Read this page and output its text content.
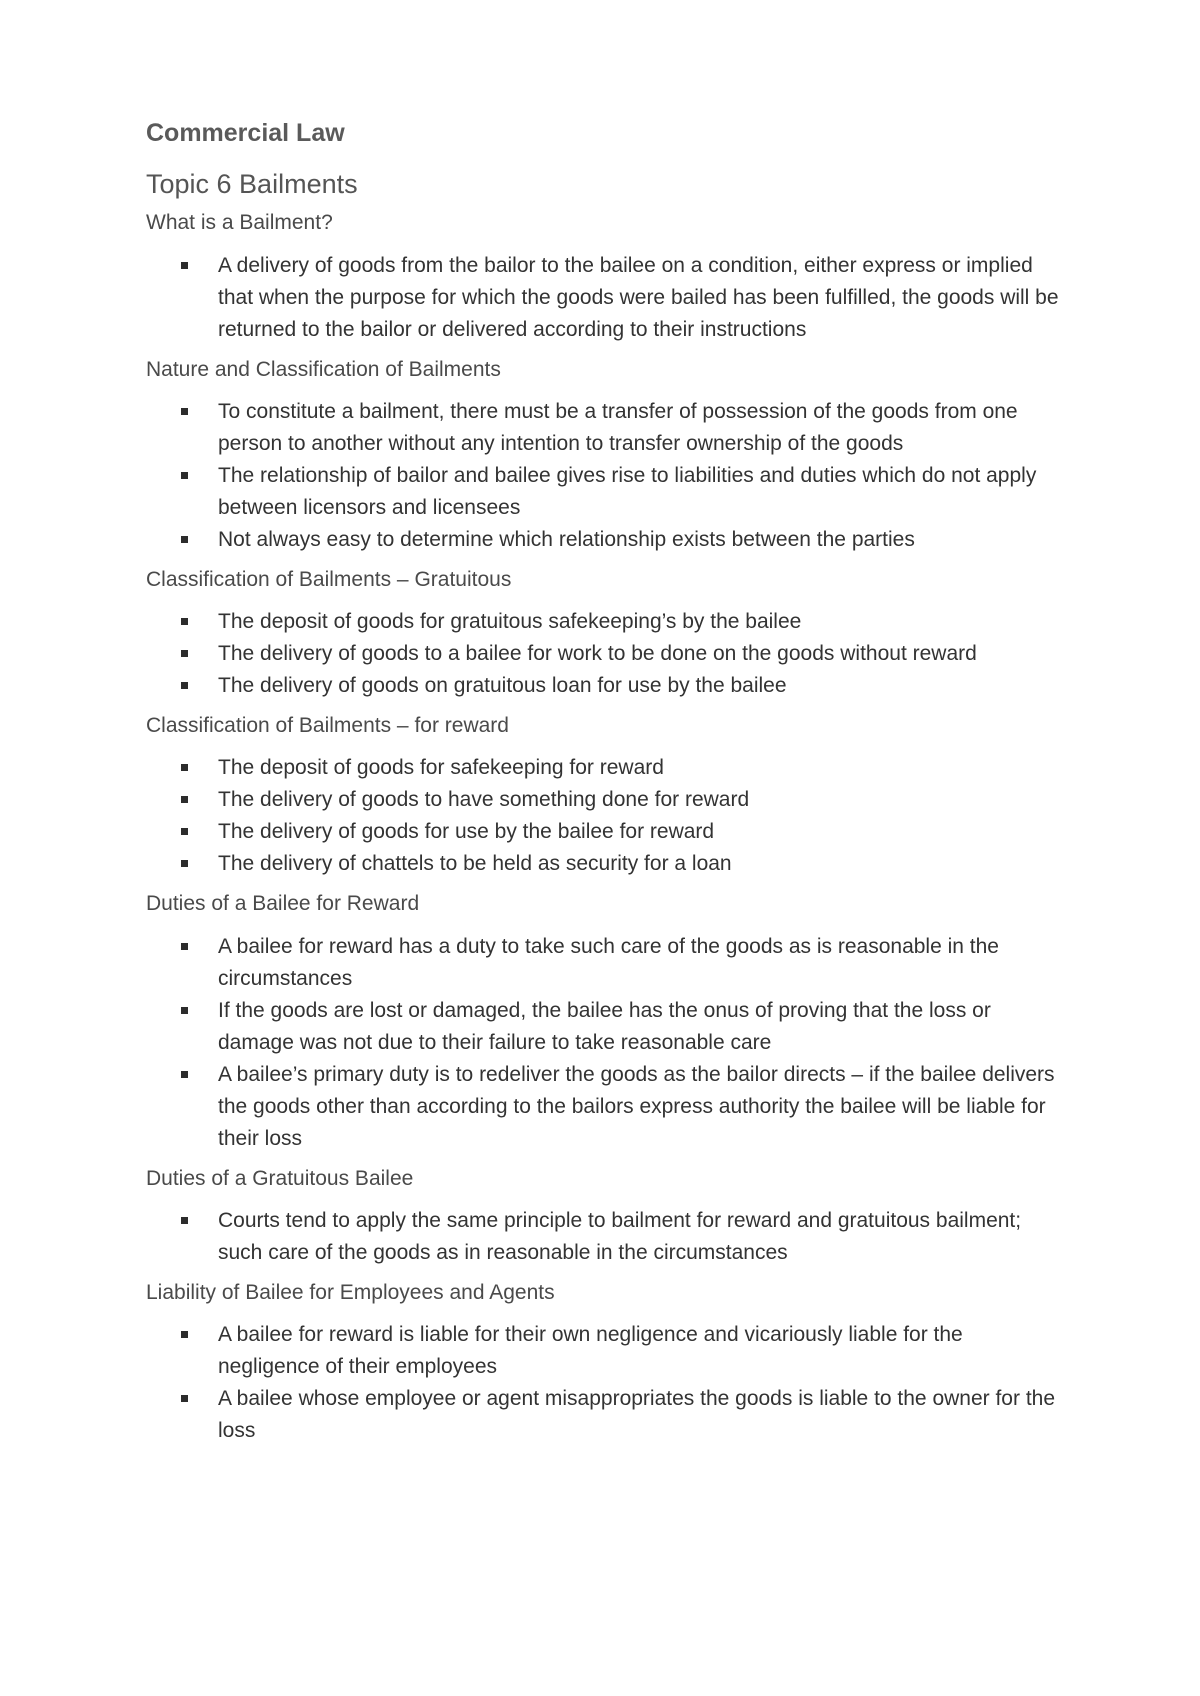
Commercial Law
Topic 6 Bailments
What is a Bailment?
A delivery of goods from the bailor to the bailee on a condition, either express or implied that when the purpose for which the goods were bailed has been fulfilled, the goods will be returned to the bailor or delivered according to their instructions
Nature and Classification of Bailments
To constitute a bailment, there must be a transfer of possession of the goods from one person to another without any intention to transfer ownership of the goods
The relationship of bailor and bailee gives rise to liabilities and duties which do not apply between licensors and licensees
Not always easy to determine which relationship exists between the parties
Classification of Bailments – Gratuitous
The deposit of goods for gratuitous safekeeping’s by the bailee
The delivery of goods to a bailee for work to be done on the goods without reward
The delivery of goods on gratuitous loan for use by the bailee
Classification of Bailments – for reward
The deposit of goods for safekeeping for reward
The delivery of goods to have something done for reward
The delivery of goods for use by the bailee for reward
The delivery of chattels to be held as security for a loan
Duties of a Bailee for Reward
A bailee for reward has a duty to take such care of the goods as is reasonable in the circumstances
If the goods are lost or damaged, the bailee has the onus of proving that the loss or damage was not due to their failure to take reasonable care
A bailee’s primary duty is to redeliver the goods as the bailor directs – if the bailee delivers the goods other than according to the bailors express authority the bailee will be liable for their loss
Duties of a Gratuitous Bailee
Courts tend to apply the same principle to bailment for reward and gratuitous bailment; such care of the goods as in reasonable in the circumstances
Liability of Bailee for Employees and Agents
A bailee for reward is liable for their own negligence and vicariously liable for the negligence of their employees
A bailee whose employee or agent misappropriates the goods is liable to the owner for the loss
